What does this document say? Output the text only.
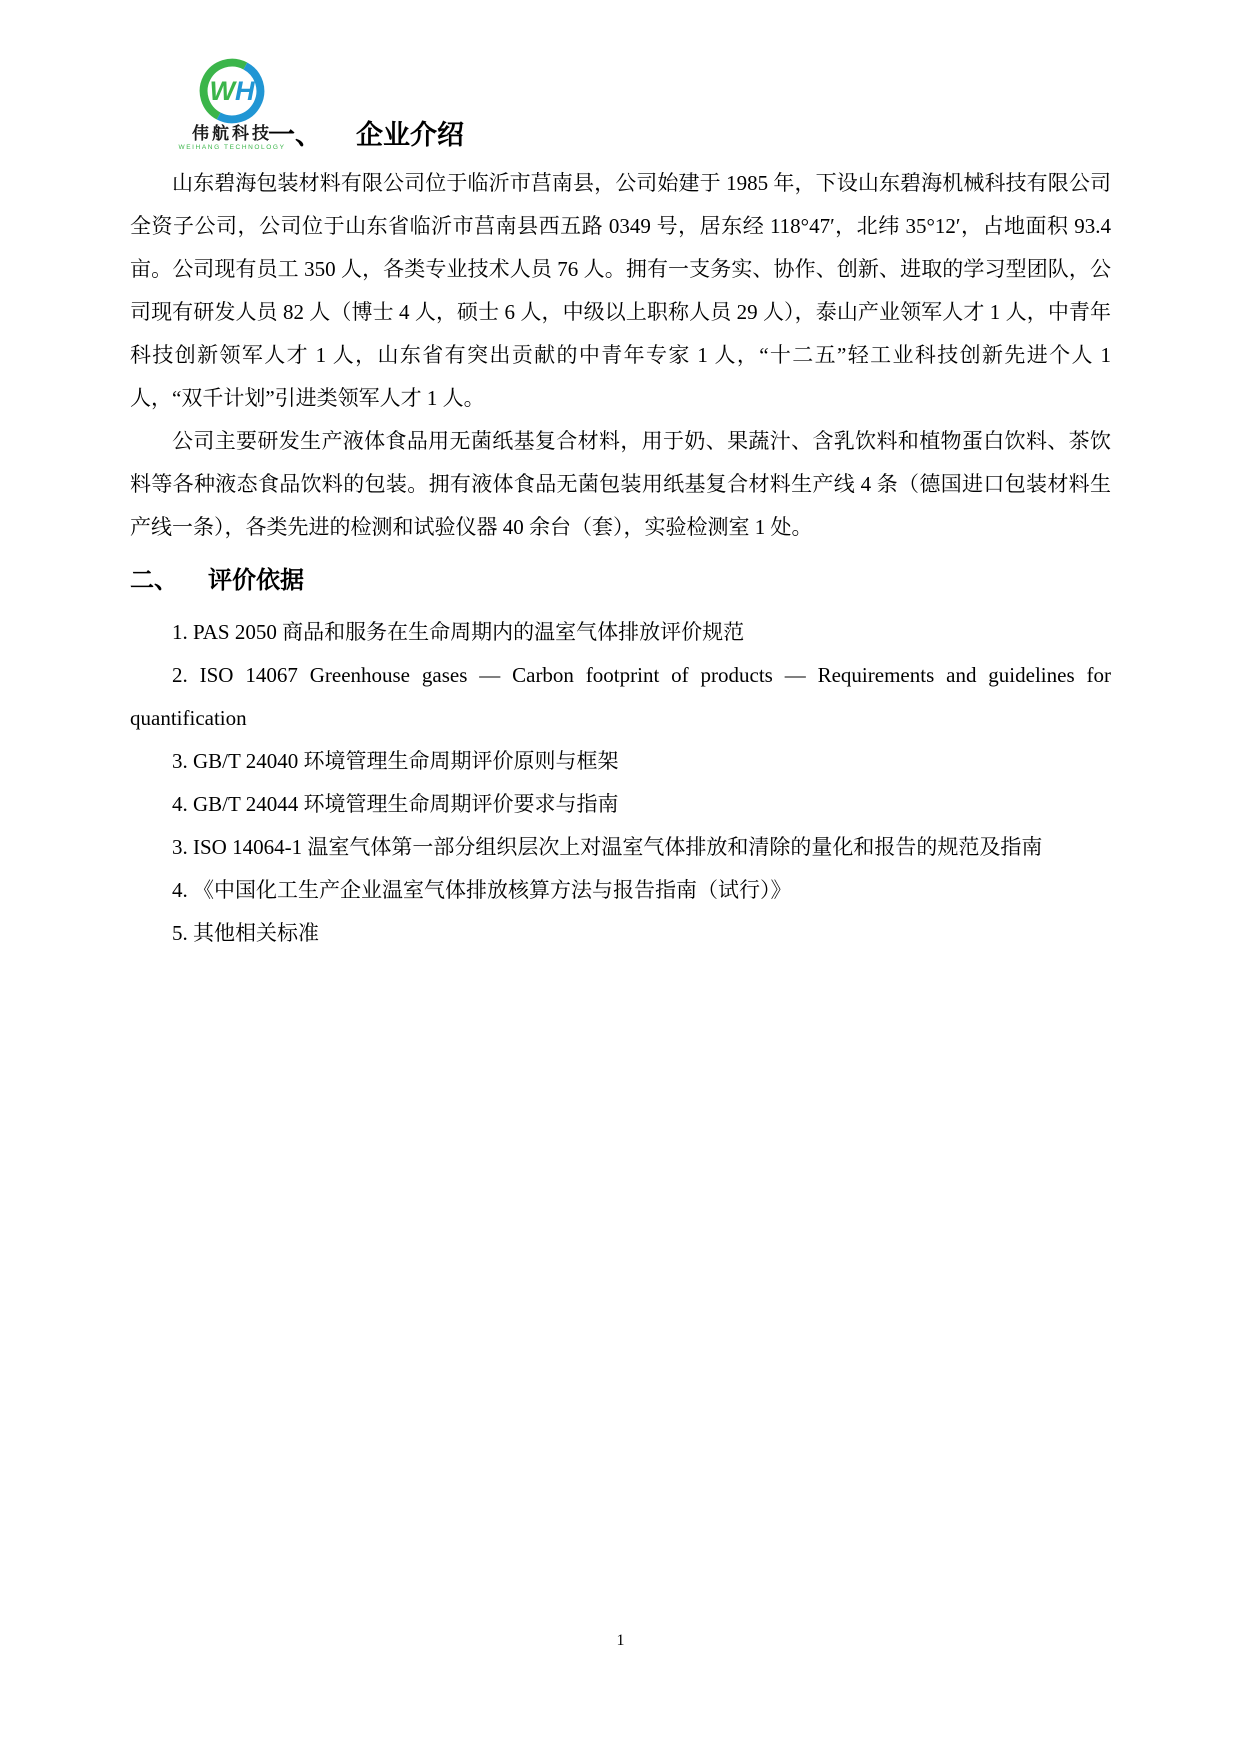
WH
伟航科技
WEIHANG TECHNOLOGY
一、 企业介绍

山东碧海包装材料有限公司位于临沂市莒南县，公司始建于 1985 年，下设山东碧海机械科技有限公司全资子公司，公司位于山东省临沂市莒南县西五路 0349 号，居东经 118°47′，北纬 35°12′，占地面积 93.4 亩。公司现有员工 350 人，各类专业技术人员 76 人。拥有一支务实、协作、创新、进取的学习型团队，公司现有研发人员 82 人（博士 4 人，硕士 6 人，中级以上职称人员 29 人），泰山产业领军人才 1 人，中青年科技创新领军人才 1 人，山东省有突出贡献的中青年专家 1 人，“十二五”轻工业科技创新先进个人 1 人，“双千计划”引进类领军人才 1 人。

公司主要研发生产液体食品用无菌纸基复合材料，用于奶、果蔬汁、含乳饮料和植物蛋白饮料、茶饮料等各种液态食品饮料的包装。拥有液体食品无菌包装用纸基复合材料生产线 4 条（德国进口包装材料生产线一条），各类先进的检测和试验仪器 40 余台（套），实验检测室 1 处。

二、 评价依据

1. PAS 2050 商品和服务在生命周期内的温室气体排放评价规范

2. ISO 14067 Greenhouse gases — Carbon footprint of products — Requirements and guidelines for quantification

3. GB/T 24040 环境管理生命周期评价原则与框架

4. GB/T 24044 环境管理生命周期评价要求与指南

3. ISO 14064-1 温室气体第一部分组织层次上对温室气体排放和清除的量化和报告的规范及指南

4. 《中国化工生产企业温室气体排放核算方法与报告指南（试行）》

5. 其他相关标准

1
